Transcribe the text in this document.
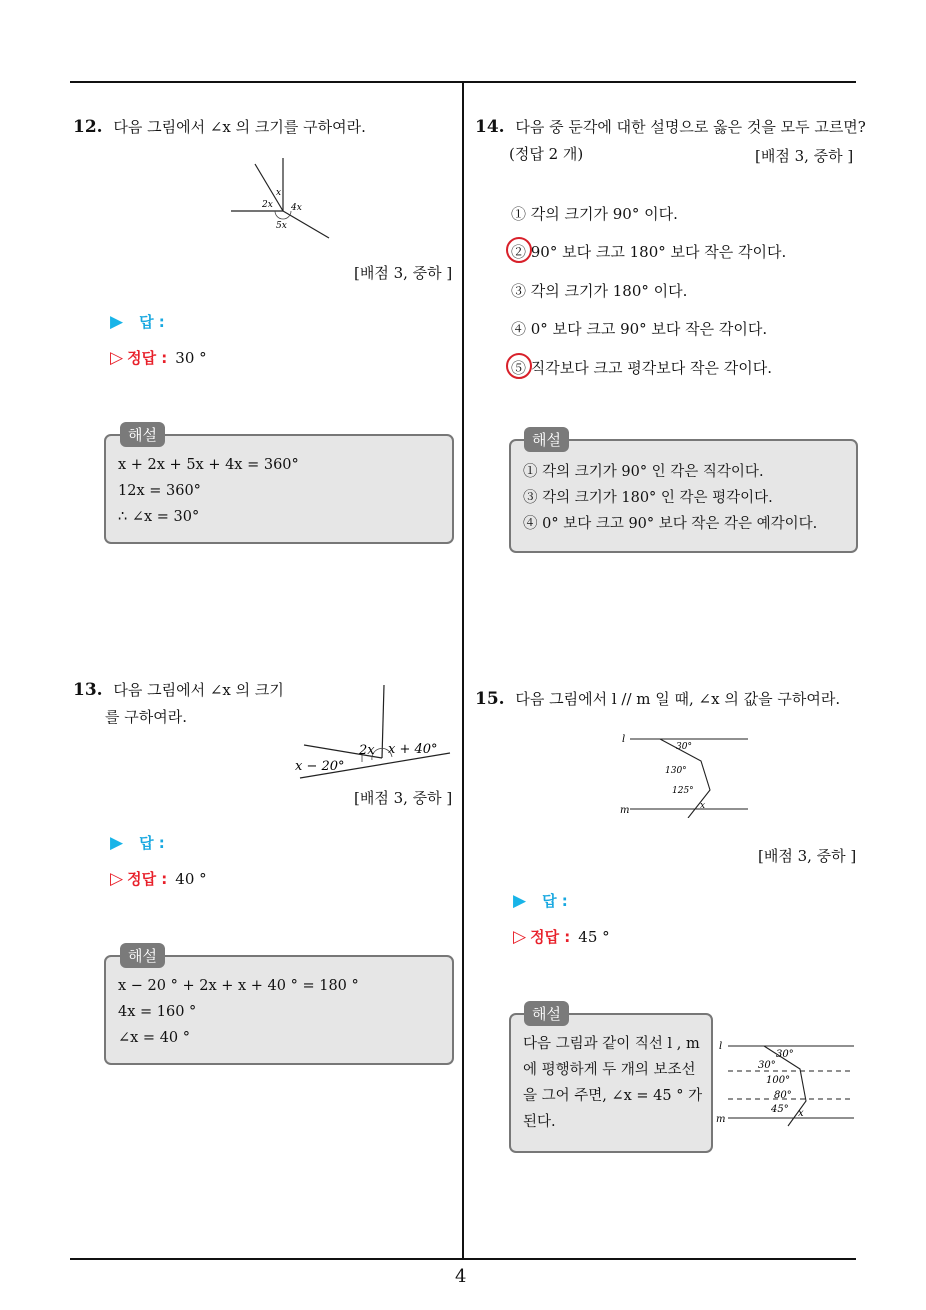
4
12. 다음 그림에서 ∠x 의 크기를 구하여라.
x
2x 4x
5x
[배점 3, 중하 ]
▶ 답 :
▷ 정답 : 30 °
x + 2x + 5x + 4x = 360°
12x = 360°
∴ ∠x = 30°
해설
13. 다음 그림에서 ∠x 의 크기
를 구하여라.
2x x + 40°
x − 20°
[배점 3, 중하 ]
▶ 답 :
▷ 정답 : 40 °
x − 20 ° + 2x + x + 40 ° = 180 °
4x = 160 °
∠x = 40 °
해설
14. 다음 중 둔각에 대한 설명으로 옳은 것을 모두 고르면?
(정답 2 개)	[배점 3, 중하 ]
① 각의 크기가 90° 이다.
② 90° 보다 크고 180° 보다 작은 각이다.
③ 각의 크기가 180° 이다.
④ 0° 보다 크고 90° 보다 작은 각이다.
⑤ 직각보다 크고 평각보다 작은 각이다.
① 각의 크기가 90° 인 각은 직각이다.
③ 각의 크기가 180° 인 각은 평각이다.
④ 0° 보다 크고 90° 보다 작은 각은 예각이다.
해설
15. 다음 그림에서 l // m 일 때, ∠x 의 값을 구하여라.
l
m
30°
130°
125°
x
[배점 3, 중하 ]
▶ 답 :
▷ 정답 : 45 °
다음 그림과 같이 직선 l , m
에 평행하게 두 개의 보조선
을 그어 주면, ∠x = 45 ° 가
된다.
해설
l
m
30°
30°
100°
80°
45° x
